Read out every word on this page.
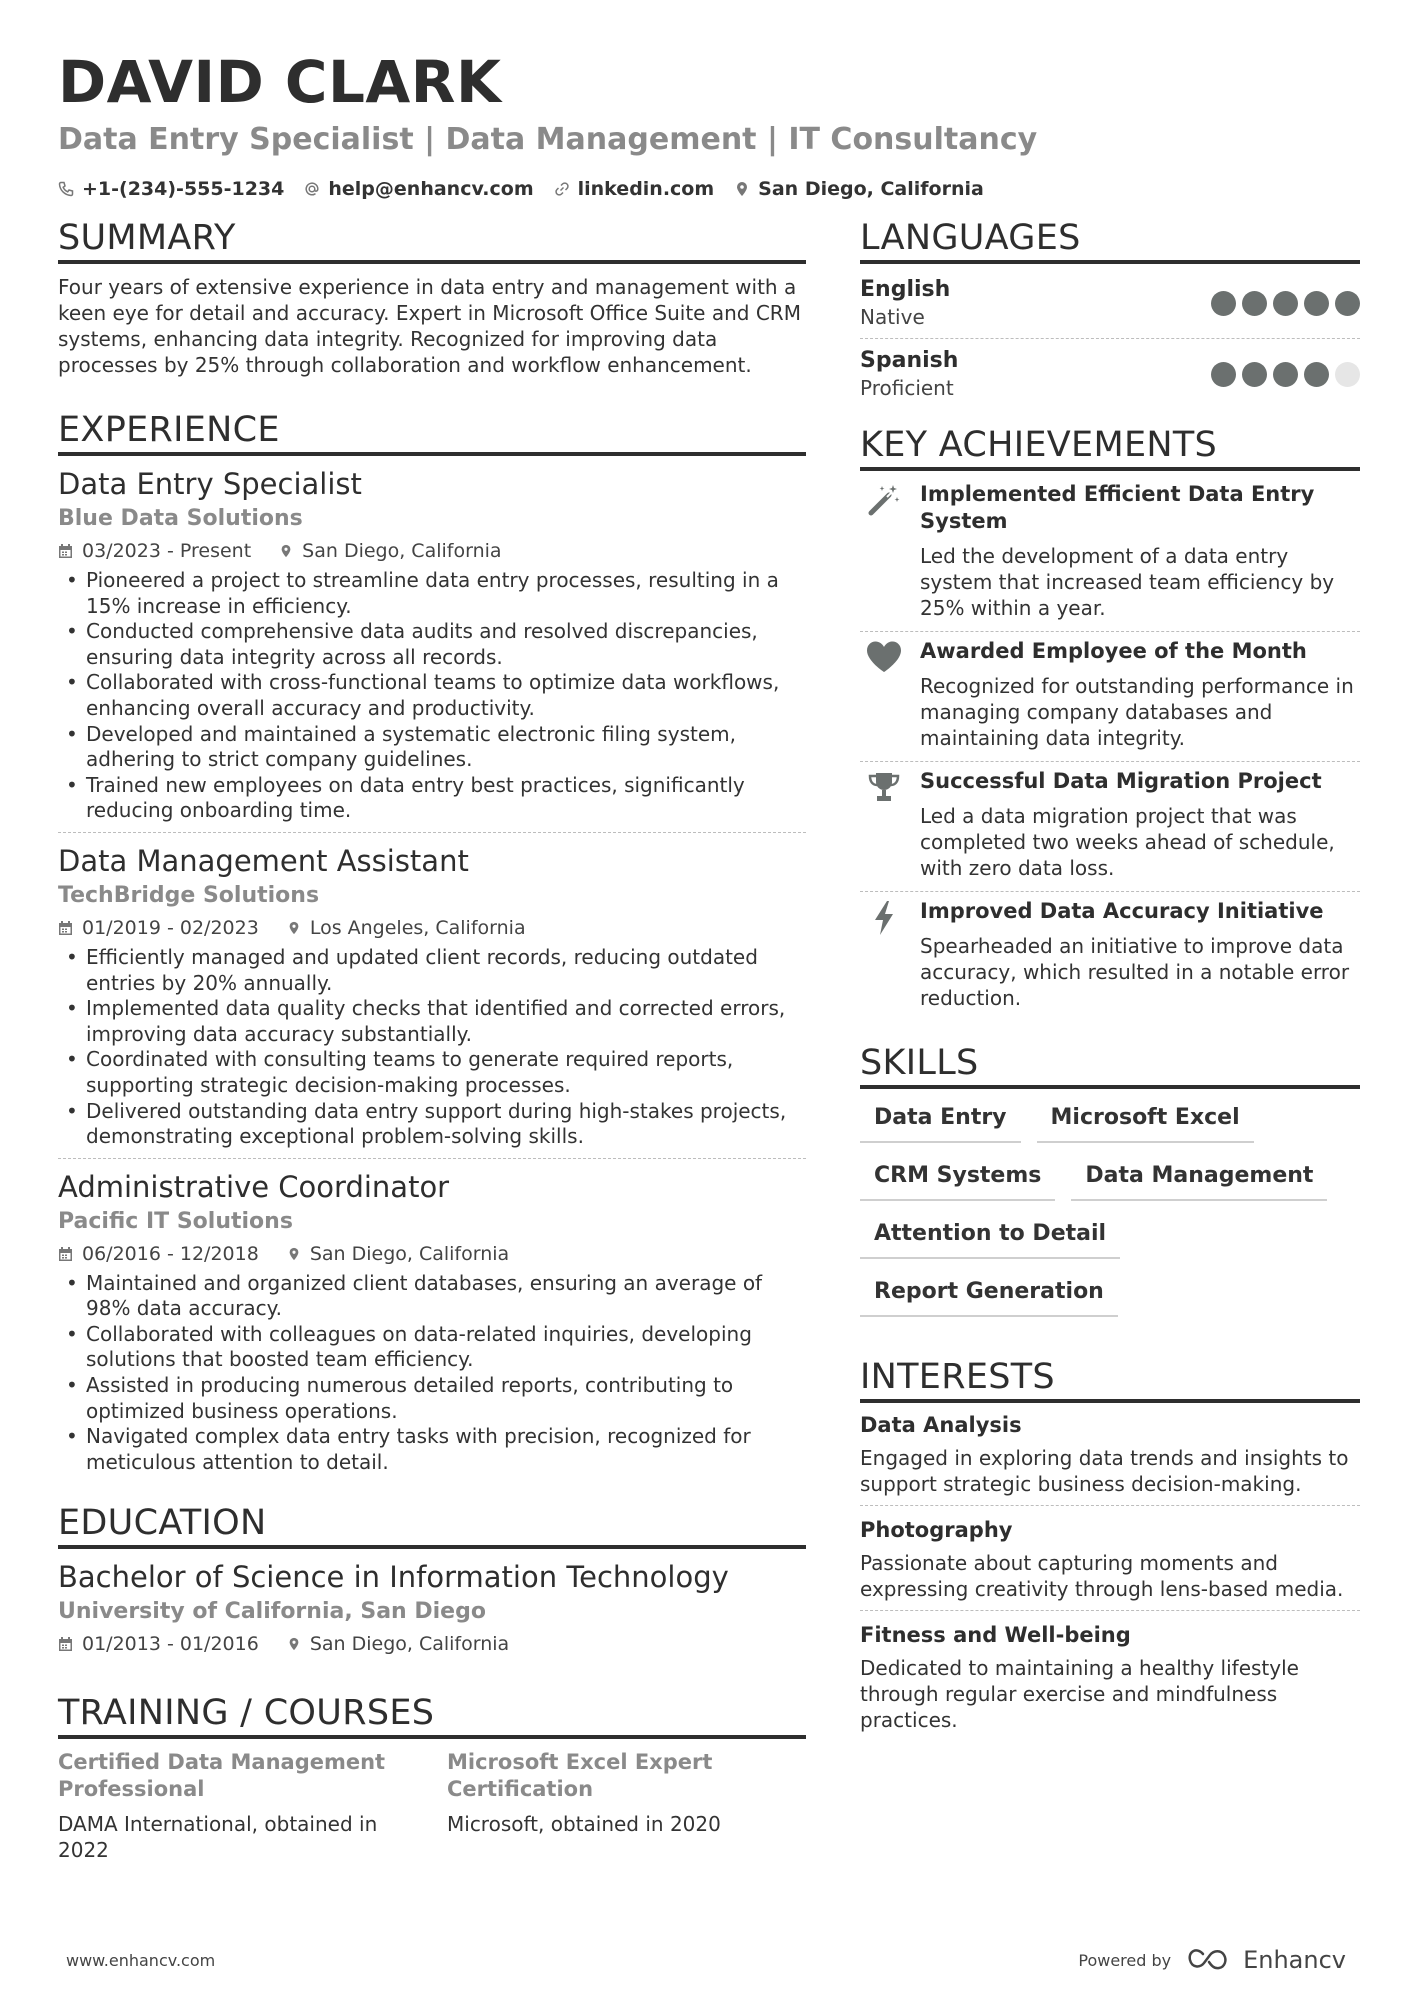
DAVID CLARK
Data Entry Specialist | Data Management | IT Consultancy
+1-(234)-555-1234 help@enhancv.com linkedin.com San Diego, California
SUMMARY
Four years of extensive experience in data entry and management with a keen eye for detail and accuracy. Expert in Microsoft Office Suite and CRM systems, enhancing data integrity. Recognized for improving data processes by 25% through collaboration and workflow enhancement.
EXPERIENCE
Data Entry Specialist
Blue Data Solutions
03/2023 - Present	San Diego, California
• Pioneered a project to streamline data entry processes, resulting in a 15% increase in efficiency.
• Conducted comprehensive data audits and resolved discrepancies, ensuring data integrity across all records.
• Collaborated with cross-functional teams to optimize data workflows, enhancing overall accuracy and productivity.
• Developed and maintained a systematic electronic filing system, adhering to strict company guidelines.
• Trained new employees on data entry best practices, significantly reducing onboarding time.
Data Management Assistant
TechBridge Solutions
01/2019 - 02/2023	Los Angeles, California
• Efficiently managed and updated client records, reducing outdated entries by 20% annually.
• Implemented data quality checks that identified and corrected errors, improving data accuracy substantially.
• Coordinated with consulting teams to generate required reports, supporting strategic decision-making processes.
• Delivered outstanding data entry support during high-stakes projects, demonstrating exceptional problem-solving skills.
Administrative Coordinator
Pacific IT Solutions
06/2016 - 12/2018	San Diego, California
• Maintained and organized client databases, ensuring an average of 98% data accuracy.
• Collaborated with colleagues on data-related inquiries, developing solutions that boosted team efficiency.
• Assisted in producing numerous detailed reports, contributing to optimized business operations.
• Navigated complex data entry tasks with precision, recognized for meticulous attention to detail.
EDUCATION
Bachelor of Science in Information Technology
University of California, San Diego
01/2013 - 01/2016	San Diego, California
TRAINING / COURSES
Certified Data Management Professional
DAMA International, obtained in 2022
Microsoft Excel Expert Certification
Microsoft, obtained in 2020
LANGUAGES
English
Native
Spanish
Proficient
KEY ACHIEVEMENTS
Implemented Efficient Data Entry System
Led the development of a data entry system that increased team efficiency by 25% within a year.
Awarded Employee of the Month
Recognized for outstanding performance in managing company databases and maintaining data integrity.
Successful Data Migration Project
Led a data migration project that was completed two weeks ahead of schedule, with zero data loss.
Improved Data Accuracy Initiative
Spearheaded an initiative to improve data accuracy, which resulted in a notable error reduction.
SKILLS
Data Entry	Microsoft Excel
CRM Systems	Data Management
Attention to Detail
Report Generation
INTERESTS
Data Analysis
Engaged in exploring data trends and insights to support strategic business decision-making.
Photography
Passionate about capturing moments and expressing creativity through lens-based media.
Fitness and Well-being
Dedicated to maintaining a healthy lifestyle through regular exercise and mindfulness practices.
www.enhancv.com	Powered by	Enhancv
